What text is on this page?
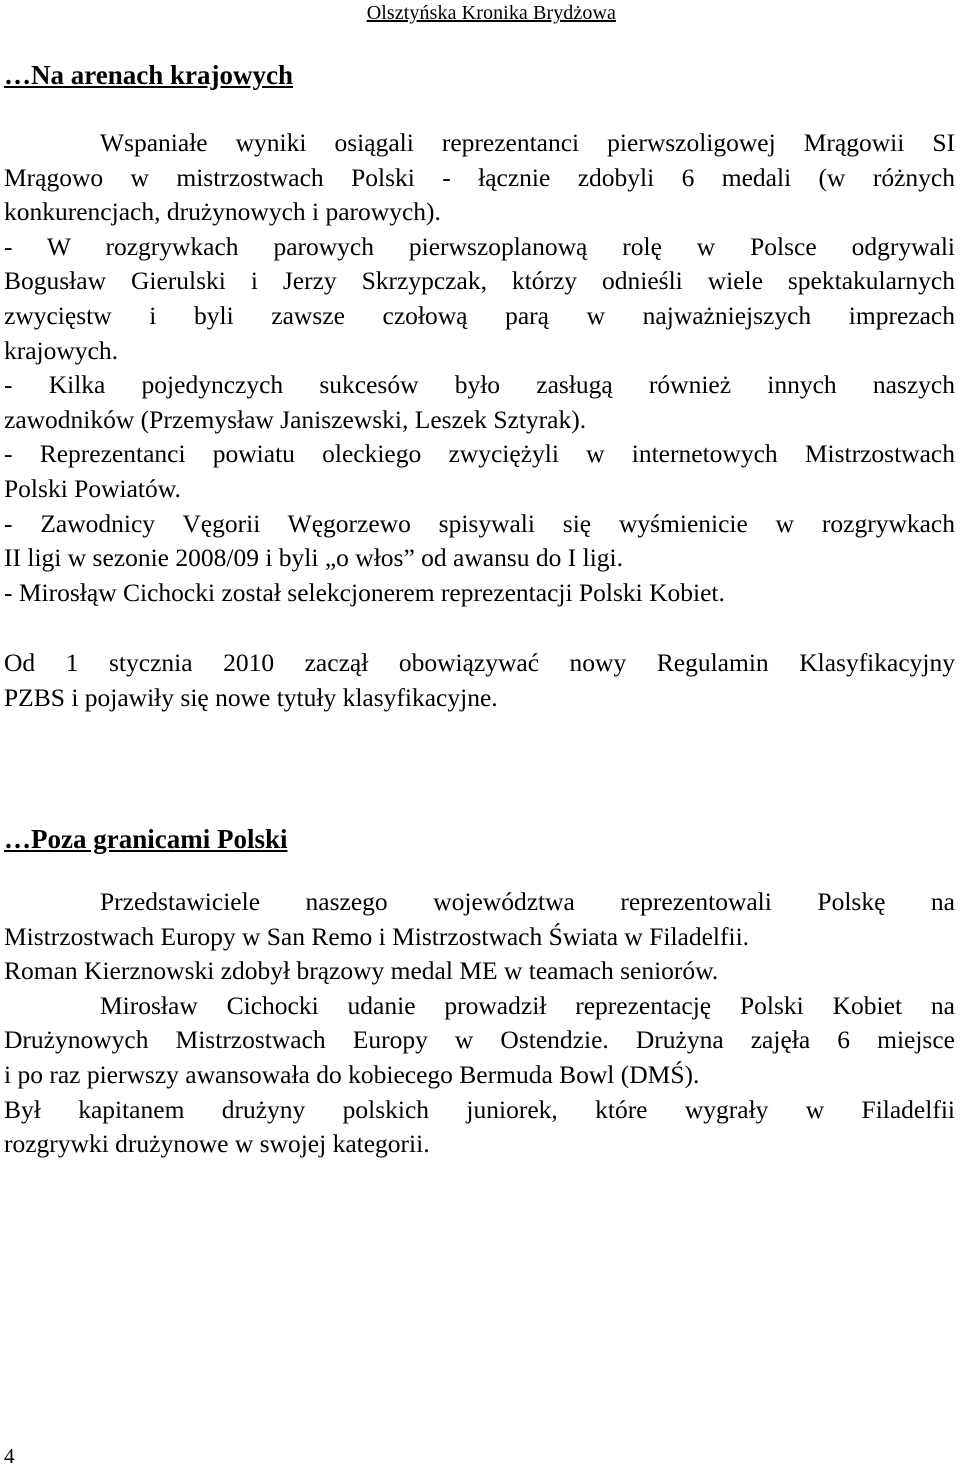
Olsztyńska Kronika Brydżowa
…Na arenach krajowych
Wspaniałe wyniki osiągali reprezentanci pierwszoligowej Mrągowii SI
Mrągowo w mistrzostwach Polski - łącznie zdobyli 6 medali (w różnych
konkurencjach, drużynowych i parowych).
- W rozgrywkach parowych pierwszoplanową rolę w Polsce odgrywali
Bogusław Gierulski i Jerzy Skrzypczak, którzy odnieśli wiele spektakularnych
zwycięstw i byli zawsze czołową parą w najważniejszych imprezach
krajowych.
- Kilka pojedynczych sukcesów było zasługą również innych naszych
zawodników (Przemysław Janiszewski, Leszek Sztyrak).
- Reprezentanci powiatu oleckiego zwyciężyli w internetowych Mistrzostwach
Polski Powiatów.
- Zawodnicy Vęgorii Węgorzewo spisywali się wyśmienicie w rozgrywkach
II ligi w sezonie 2008/09 i byli „o włos” od awansu do I ligi.
- Mirosłąw Cichocki został selekcjonerem reprezentacji Polski Kobiet.
Od 1 stycznia 2010 zaczął obowiązywać nowy Regulamin Klasyfikacyjny
PZBS i pojawiły się nowe tytuły klasyfikacyjne.
…Poza granicami Polski
Przedstawiciele naszego województwa reprezentowali Polskę na
Mistrzostwach Europy w San Remo i Mistrzostwach Świata w Filadelfii.
Roman Kierznowski zdobył brązowy medal ME w teamach seniorów.
Mirosław Cichocki udanie prowadził reprezentację Polski Kobiet na
Drużynowych Mistrzostwach Europy w Ostendzie. Drużyna zajęła 6 miejsce
i po raz pierwszy awansowała do kobiecego Bermuda Bowl (DMŚ).
Był kapitanem drużyny polskich juniorek, które wygrały w Filadelfii
rozgrywki drużynowe w swojej kategorii.
4
